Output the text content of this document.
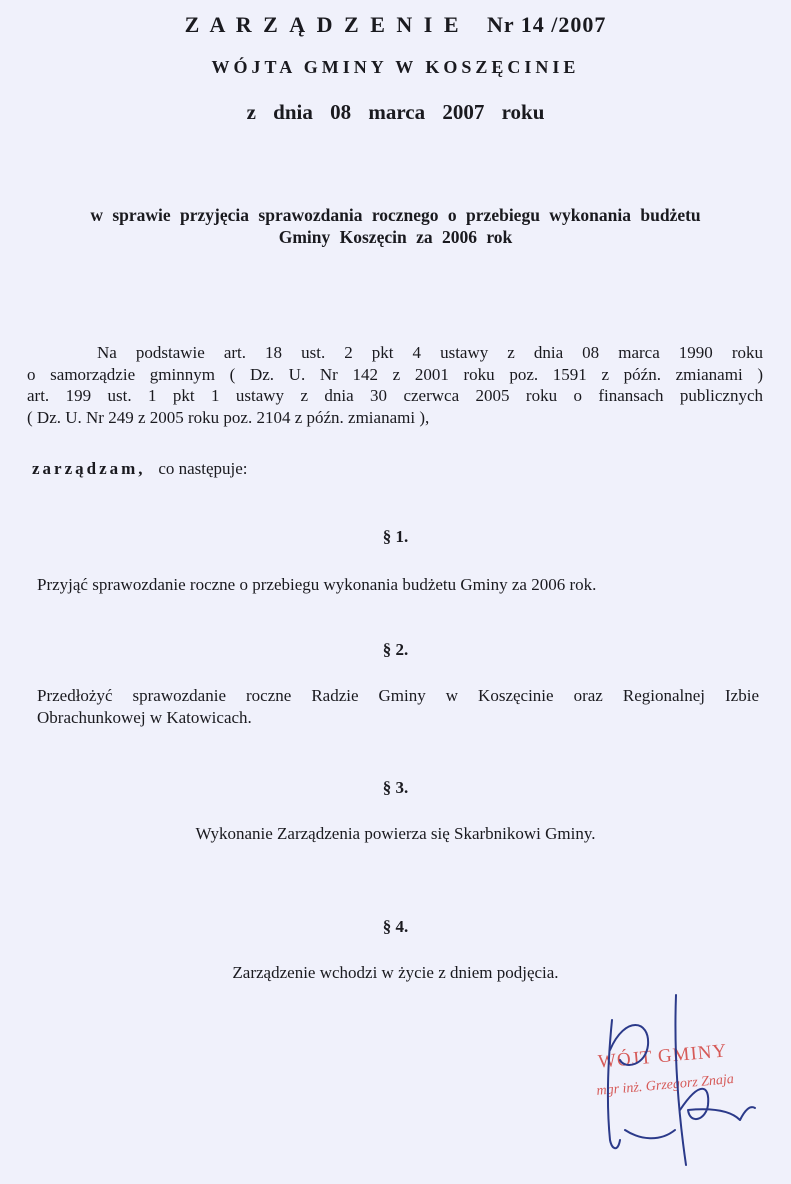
Z A R Z Ą D Z E N I E Nr 14 /2007
WÓJTA GMINY W KOSZĘCINIE
z dnia 08 marca 2007 roku
w sprawie przyjęcia sprawozdania rocznego o przebiegu wykonania budżetu
Gminy Koszęcin za 2006 rok
Na podstawie art. 18 ust. 2 pkt 4 ustawy z dnia 08 marca 1990 roku
o samorządzie gminnym ( Dz. U. Nr 142 z 2001 roku poz. 1591 z późn. zmianami )
art. 199 ust. 1 pkt 1 ustawy z dnia 30 czerwca 2005 roku o finansach publicznych
( Dz. U. Nr 249 z 2005 roku poz. 2104 z późn. zmianami ),
zarządzam, co następuje:
§ 1.
Przyjąć sprawozdanie roczne o przebiegu wykonania budżetu Gminy za 2006 rok.
§ 2.
Przedłożyć sprawozdanie roczne Radzie Gminy w Koszęcinie oraz Regionalnej Izbie
Obrachunkowej w Katowicach.
§ 3.
Wykonanie Zarządzenia powierza się Skarbnikowi Gminy.
§ 4.
Zarządzenie wchodzi w życie z dniem podjęcia.
WÓJT GMINY
mgr inż. Grzegorz Znaja
